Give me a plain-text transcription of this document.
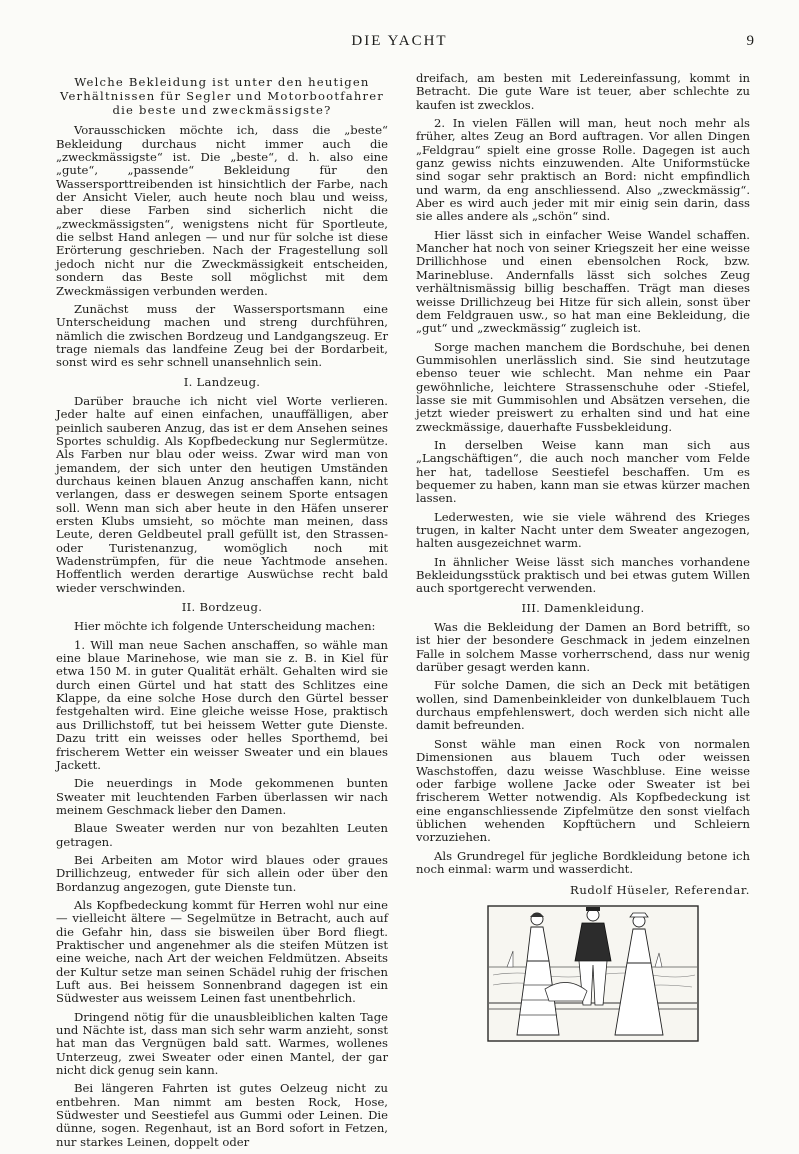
DIE YACHT	9
Welche Bekleidung ist unter den heutigen Verhältnissen für Segler und Motorbootfahrer die beste und zweckmässigste?

Vorausschicken möchte ich, dass die „beste“ Bekleidung durchaus nicht immer auch die „zweckmässigste“ ist. Die „beste“, d. h. also eine „gute“, „passende“ Bekleidung für den Wassersporttreibenden ist hinsichtlich der Farbe, nach der Ansicht Vieler, auch heute noch blau und weiss, aber diese Farben sind sicherlich nicht die „zweckmässigsten“, wenigstens nicht für Sportleute, die selbst Hand anlegen — und nur für solche ist diese Erörterung geschrieben. Nach der Fragestellung soll jedoch nicht nur die Zweckmässigkeit entscheiden, sondern das Beste soll möglichst mit dem Zweckmässigen verbunden werden.

Zunächst muss der Wassersportsmann eine Unterscheidung machen und streng durchführen, nämlich die zwischen Bordzeug und Landgangszeug. Er trage niemals das landfeine Zeug bei der Bordarbeit, sonst wird es sehr schnell unansehnlich sein.

I. Landzeug.

Darüber brauche ich nicht viel Worte verlieren. Jeder halte auf einen einfachen, unauffälligen, aber peinlich sauberen Anzug, das ist er dem Ansehen seines Sportes schuldig. Als Kopfbedeckung nur Seglermütze. Als Farben nur blau oder weiss. Zwar wird man von jemandem, der sich unter den heutigen Umständen durchaus keinen blauen Anzug anschaffen kann, nicht verlangen, dass er deswegen seinem Sporte entsagen soll. Wenn man sich aber heute in den Häfen unserer ersten Klubs umsieht, so möchte man meinen, dass Leute, deren Geldbeutel prall gefüllt ist, den Strassen- oder Turistenanzug, womöglich noch mit Wadenstrümpfen, für die neue Yachtmode ansehen. Hoffentlich werden derartige Auswüchse recht bald wieder verschwinden.

II. Bordzeug.

Hier möchte ich folgende Unterscheidung machen:

1. Will man neue Sachen anschaffen, so wähle man eine blaue Marinehose, wie man sie z. B. in Kiel für etwa 150 M. in guter Qualität erhält. Gehalten wird sie durch einen Gürtel und hat statt des Schlitzes eine Klappe, da eine solche Hose durch den Gürtel besser festgehalten wird. Eine gleiche weisse Hose, praktisch aus Drillichstoff, tut bei heissem Wetter gute Dienste. Dazu tritt ein weisses oder helles Sporthemd, bei frischerem Wetter ein weisser Sweater und ein blaues Jackett.

Die neuerdings in Mode gekommenen bunten Sweater mit leuchtenden Farben überlassen wir nach meinem Geschmack lieber den Damen.

Blaue Sweater werden nur von bezahlten Leuten getragen.

Bei Arbeiten am Motor wird blaues oder graues Drillichzeug, entweder für sich allein oder über den Bordanzug angezogen, gute Dienste tun.

Als Kopfbedeckung kommt für Herren wohl nur eine — vielleicht ältere — Segelmütze in Betracht, auch auf die Gefahr hin, dass sie bisweilen über Bord fliegt. Praktischer und angenehmer als die steifen Mützen ist eine weiche, nach Art der weichen Feldmützen. Abseits der Kultur setze man seinen Schädel ruhig der frischen Luft aus. Bei heissem Sonnenbrand dagegen ist ein Südwester aus weissem Leinen fast unentbehrlich.

Dringend nötig für die unausbleiblichen kalten Tage und Nächte ist, dass man sich sehr warm anzieht, sonst hat man das Vergnügen bald satt. Warmes, wollenes Unterzeug, zwei Sweater oder einen Mantel, der gar nicht dick genug sein kann.

Bei längeren Fahrten ist gutes Oelzeug nicht zu entbehren. Man nimmt am besten Rock, Hose, Südwester und Seestiefel aus Gummi oder Leinen. Die dünne, sogen. Regenhaut, ist an Bord sofort in Fetzen, nur starkes Leinen, doppelt oder

dreifach, am besten mit Ledereinfassung, kommt in Betracht. Die gute Ware ist teuer, aber schlechte zu kaufen ist zwecklos.

2. In vielen Fällen will man, heut noch mehr als früher, altes Zeug an Bord auftragen. Vor allen Dingen „Feldgrau“ spielt eine grosse Rolle. Dagegen ist auch ganz gewiss nichts einzuwenden. Alte Uniformstücke sind sogar sehr praktisch an Bord: nicht empfindlich und warm, da eng anschliessend. Also „zweckmässig“. Aber es wird auch jeder mit mir einig sein darin, dass sie alles andere als „schön“ sind.

Hier lässt sich in einfacher Weise Wandel schaffen. Mancher hat noch von seiner Kriegszeit her eine weisse Drillichhose und einen ebensolchen Rock, bzw. Marinebluse. Andernfalls lässt sich solches Zeug verhältnismässig billig beschaffen. Trägt man dieses weisse Drillichzeug bei Hitze für sich allein, sonst über dem Feldgrauen usw., so hat man eine Bekleidung, die „gut“ und „zweckmässig“ zugleich ist.

Sorge machen manchem die Bordschuhe, bei denen Gummisohlen unerlässlich sind. Sie sind heutzutage ebenso teuer wie schlecht. Man nehme ein Paar gewöhnliche, leichtere Strassenschuhe oder -Stiefel, lasse sie mit Gummisohlen und Absätzen versehen, die jetzt wieder preiswert zu erhalten sind und hat eine zweckmässige, dauerhafte Fussbekleidung.

In derselben Weise kann man sich aus „Langschäftigen“, die auch noch mancher vom Felde her hat, tadellose Seestiefel beschaffen. Um es bequemer zu haben, kann man sie etwas kürzer machen lassen.

Lederwesten, wie sie viele während des Krieges trugen, in kalter Nacht unter dem Sweater angezogen, halten ausgezeichnet warm.

In ähnlicher Weise lässt sich manches vorhandene Bekleidungsstück praktisch und bei etwas gutem Willen auch sportgerecht verwenden.

III. Damenkleidung.

Was die Bekleidung der Damen an Bord betrifft, so ist hier der besondere Geschmack in jedem einzelnen Falle in solchem Masse vorherrschend, dass nur wenig darüber gesagt werden kann.

Für solche Damen, die sich an Deck mit betätigen wollen, sind Damenbeinkleider von dunkelblauem Tuch durchaus empfehlenswert, doch werden sich nicht alle damit befreunden.

Sonst wähle man einen Rock von normalen Dimensionen aus blauem Tuch oder weissen Waschstoffen, dazu weisse Waschbluse. Eine weisse oder farbige wollene Jacke oder Sweater ist bei frischerem Wetter notwendig. Als Kopfbedeckung ist eine enganschliessende Zipfelmütze den sonst vielfach üblichen wehenden Kopftüchern und Schleiern vorzuziehen.

Als Grundregel für jegliche Bordkleidung betone ich noch einmal: warm und wasserdicht.

Rudolf Hüseler, Referendar.
